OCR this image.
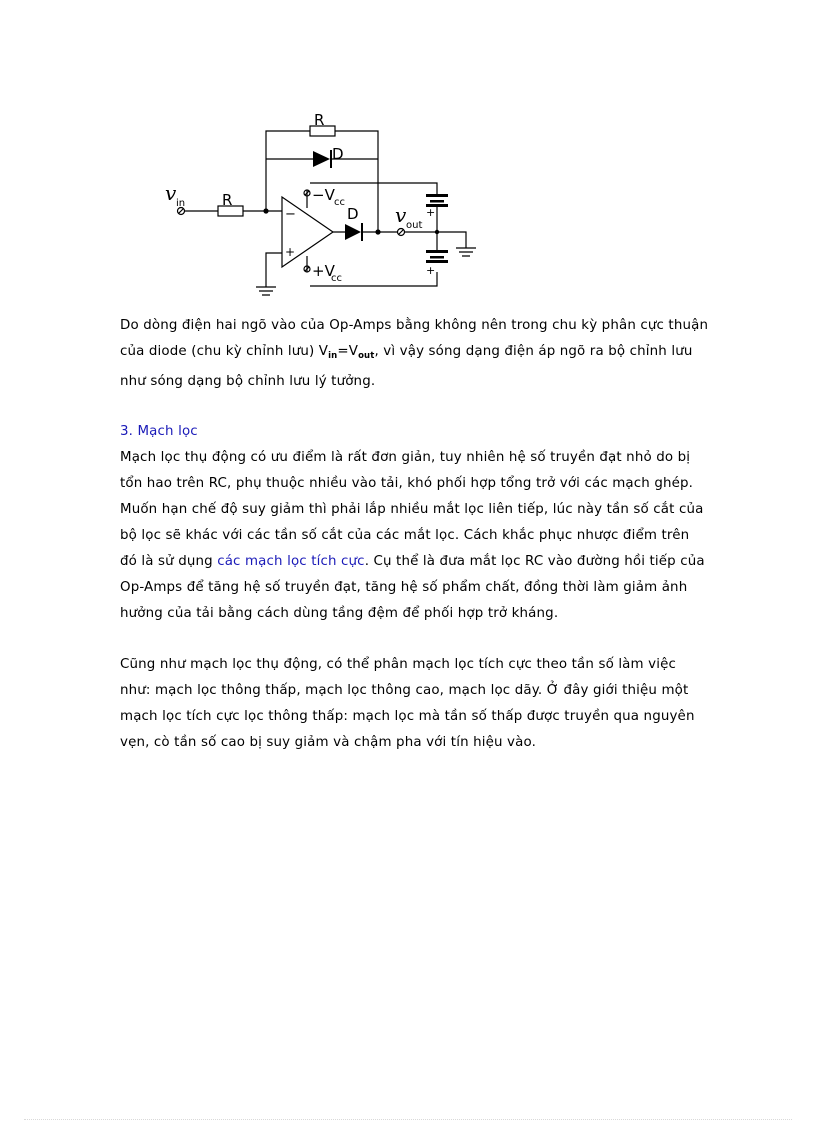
R
D
R
v in	−V cc
+V
cc
D v out
−
+
+
+

Do dòng điện hai ngõ vào của Op-Amps bằng không nên trong chu kỳ phân cực thuận của diode (chu kỳ chỉnh lưu) $V_{in}=V_{out}$, vì vậy sóng dạng điện áp ngõ ra bộ chỉnh lưu như sóng dạng bộ chỉnh lưu lý tưởng.

3. Mạch lọc

Mạch lọc thụ động có ưu điểm là rất đơn giản, tuy nhiên hệ số truyền đạt nhỏ do bị tổn hao trên RC, phụ thuộc nhiều vào tải, khó phối hợp tổng trở với các mạch ghép. Muốn hạn chế độ suy giảm thì phải lắp nhiều mắt lọc liên tiếp, lúc này tần số cắt của bộ lọc sẽ khác với các tần số cắt của các mắt lọc. Cách khắc phục nhược điểm trên đó là sử dụng các mạch lọc tích cực. Cụ thể là đưa mắt lọc RC vào đường hồi tiếp của Op-Amps để tăng hệ số truyền đạt, tăng hệ số phẩm chất, đồng thời làm giảm ảnh hưởng của tải bằng cách dùng tầng đệm để phối hợp trở kháng.

Cũng như mạch lọc thụ động, có thể phân mạch lọc tích cực theo tần số làm việc như: mạch lọc thông thấp, mạch lọc thông cao, mạch lọc dãy. Ở đây giới thiệu một mạch lọc tích cực lọc thông thấp: mạch lọc mà tần số thấp được truyền qua nguyên vẹn, cò tần số cao bị suy giảm và chậm pha với tín hiệu vào.
